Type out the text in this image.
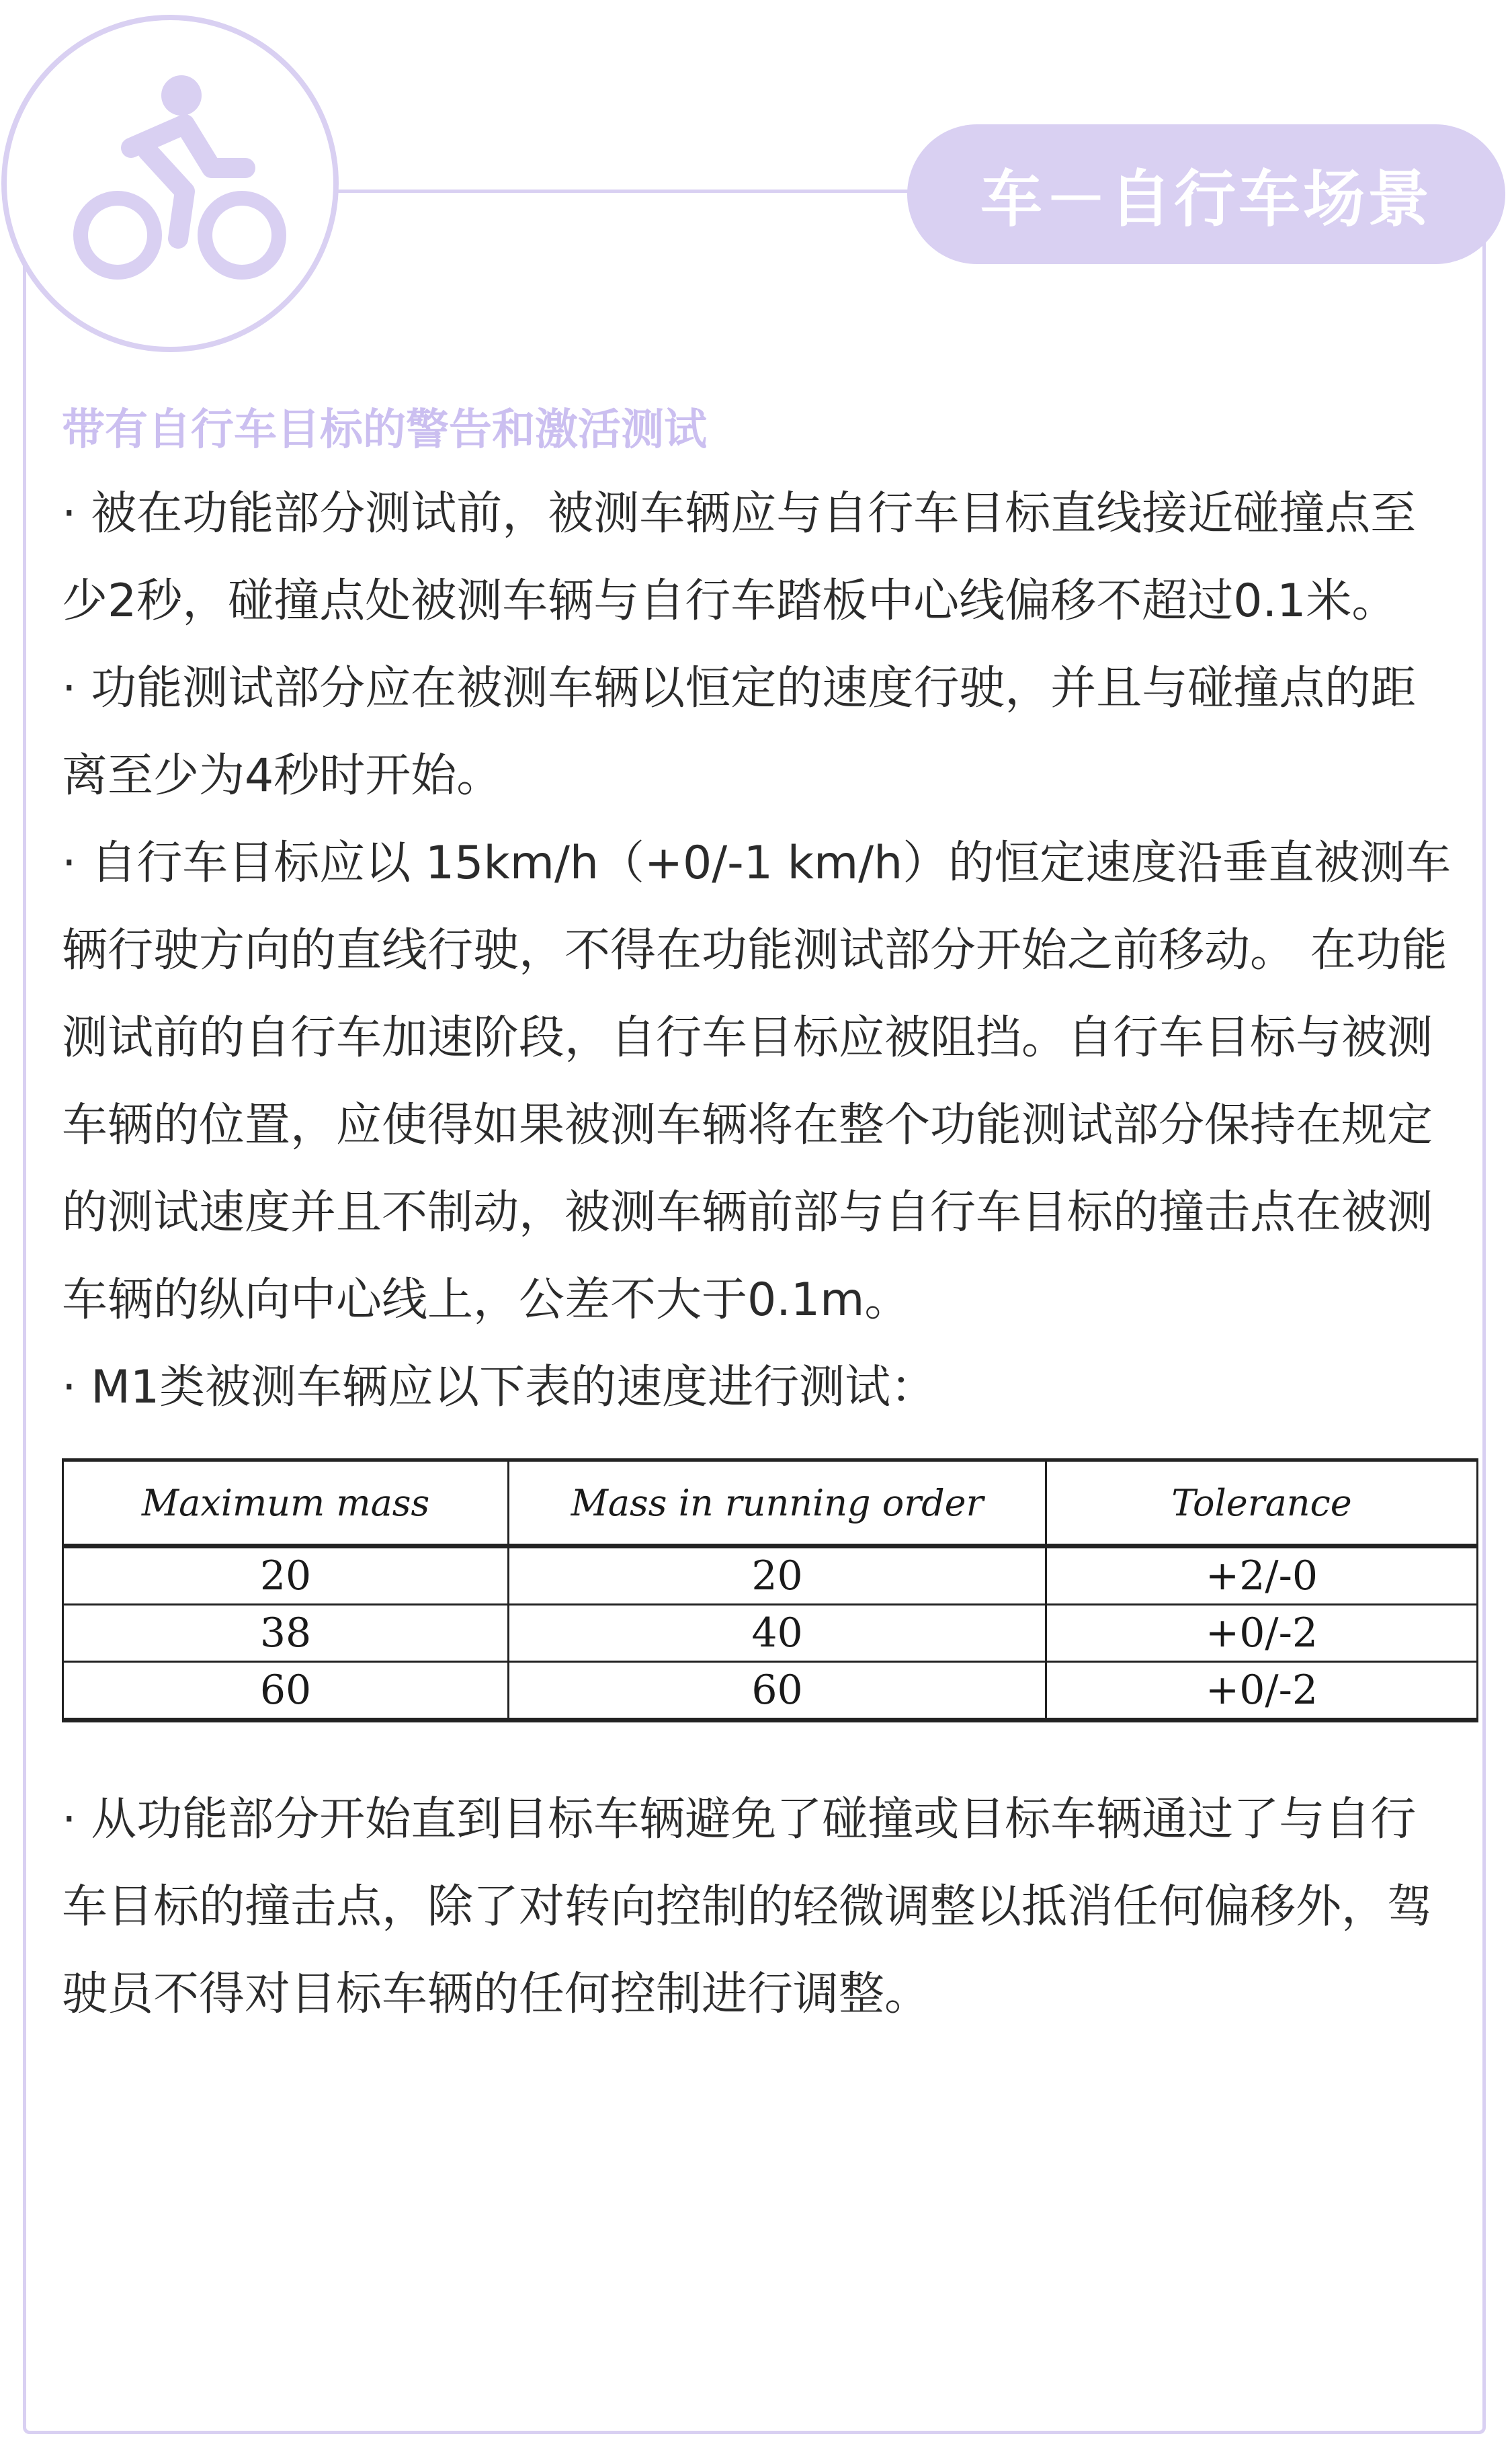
车－自行车场景

带有自行车目标的警告和激活测试

· 被在功能部分测试前，被测车辆应与自行车目标直线接近碰撞点至少2秒，碰撞点处被测车辆与自行车踏板中心线偏移不超过0.1米。

· 功能测试部分应在被测车辆以恒定的速度行驶，并且与碰撞点的距离至少为4秒时开始。

· 自行车目标应以 15km/h（+0/-1 km/h）的恒定速度沿垂直被测车辆行驶方向的直线行驶，不得在功能测试部分开始之前移动。 在功能测试前的自行车加速阶段，自行车目标应被阻挡。自行车目标与被测车辆的位置，应使得如果被测车辆将在整个功能测试部分保持在规定的测试速度并且不制动，被测车辆前部与自行车目标的撞击点在被测车辆的纵向中心线上，公差不大于0.1m。

· M1类被测车辆应以下表的速度进行测试：

Maximum mass	Mass in running order	Tolerance
20	20	+2/-0
38	40	+0/-2
60	60	+0/-2

· 从功能部分开始直到目标车辆避免了碰撞或目标车辆通过了与自行车目标的撞击点，除了对转向控制的轻微调整以抵消任何偏移外，驾驶员不得对目标车辆的任何控制进行调整。
